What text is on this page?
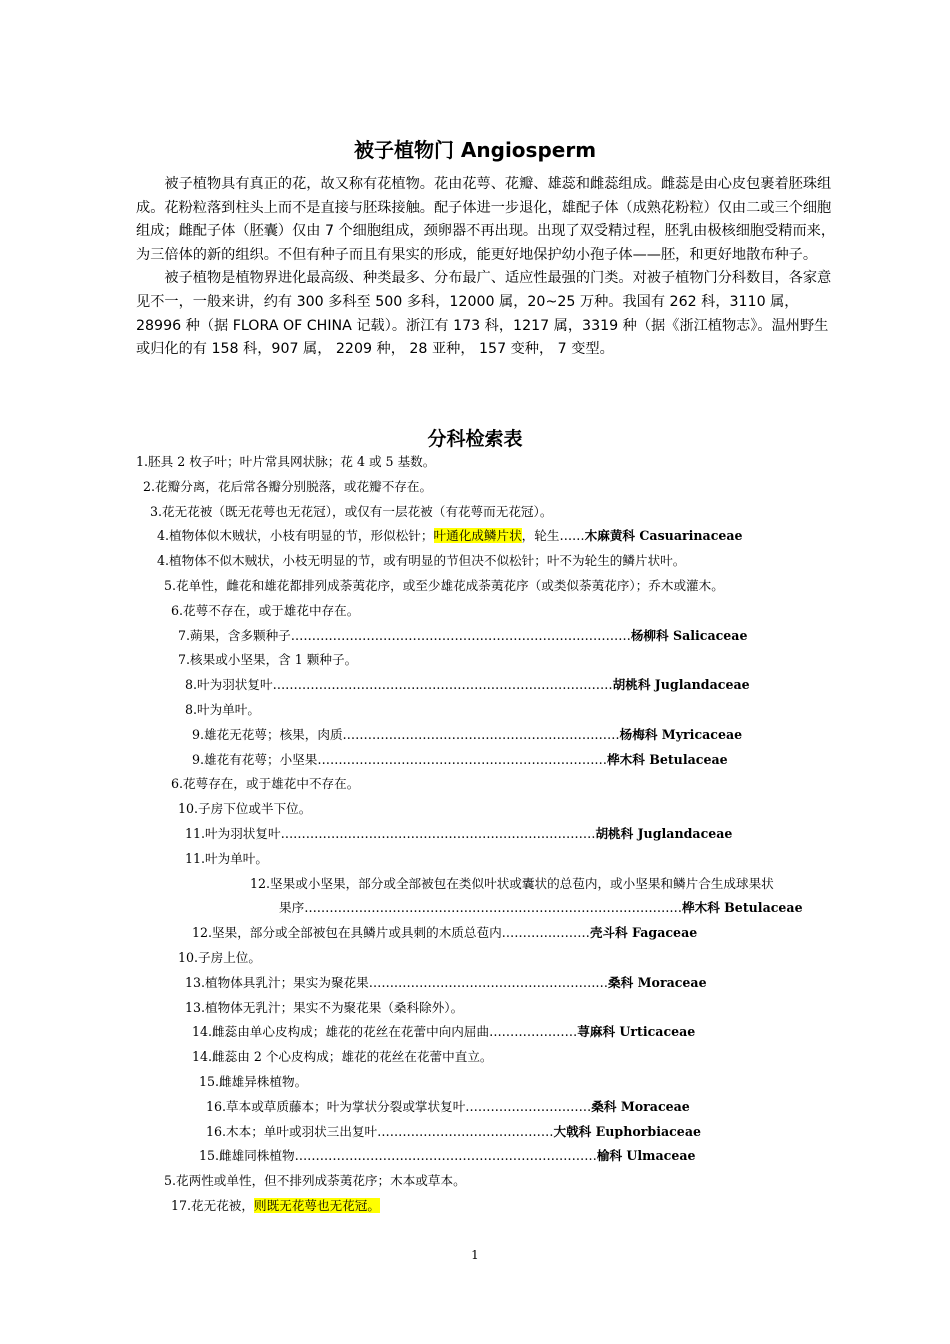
被子植物门 Angiosperm

被子植物具有真正的花，故又称有花植物。花由花萼、花瓣、雄蕊和雌蕊组成。雌蕊是由心皮包裹着胚珠组成。花粉粒落到柱头上而不是直接与胚珠接触。配子体进一步退化，雄配子体（成熟花粉粒）仅由二或三个细胞组成；雌配子体（胚囊）仅由 7 个细胞组成，颈卵器不再出现。出现了双受精过程，胚乳由极核细胞受精而来，为三倍体的新的组织。不但有种子而且有果实的形成，能更好地保护幼小孢子体——胚，和更好地散布种子。

被子植物是植物界进化最高级、种类最多、分布最广、适应性最强的门类。对被子植物门分科数目，各家意见不一，一般来讲，约有 300 多科至 500 多科，12000 属，20~25 万种。我国有 262 科，3110 属，28996 种（据 FLORA OF CHINA 记载）。浙江有 173 科，1217 属，3319 种（据《浙江植物志》。温州野生或归化的有 158 科，907 属， 2209 种， 28 亚种， 157 变种， 7 变型。

分科检索表
1.胚具 2 枚子叶；叶片常具网状脉；花 4 或 5 基数。
2.花瓣分离，花后常各瓣分别脱落，或花瓣不存在。
3.花无花被（既无花萼也无花冠），或仅有一层花被（有花萼而无花冠）。
4.植物体似木贼状，小枝有明显的节，形似松针；叶通化成鳞片状，轮生……木麻黄科 Casuarinaceae
4.植物体不似木贼状，小枝无明显的节，或有明显的节但决不似松针；叶不为轮生的鳞片状叶。
5.花单性，雌花和雄花都排列成荼荑花序，或至少雄花成荼荑花序（或类似荼荑花序）；乔木或灌木。
6.花萼不存在，或于雄花中存在。
7.蒴果，含多颗种子………………………………………………………………………杨柳科 Salicaceae
7.核果或小坚果，含 1 颗种子。
8.叶为羽状复叶………………………………………………………………………胡桃科 Juglandaceae
8.叶为单叶。
9.雄花无花萼；核果，肉质…………………………………………………………杨梅科 Myricaceae
9.雄花有花萼；小坚果……………………………………………………………桦木科 Betulaceae
6.花萼存在，或于雄花中不存在。
10.子房下位或半下位。
11.叶为羽状复叶…………………………………………………………………胡桃科 Juglandaceae
11.叶为单叶。
12.坚果或小坚果，部分或全部被包在类似叶状或囊状的总苞内，或小坚果和鳞片合生成球果状
果序………………………………………………………………………………桦木科 Betulaceae
12.坚果，部分或全部被包在具鳞片或具刺的木质总苞内…………………壳斗科 Fagaceae
10.子房上位。
13.植物体具乳汁；果实为聚花果…………………………………………………桑科 Moraceae
13.植物体无乳汁；果实不为聚花果（桑科除外）。
14.雌蕊由单心皮构成；雄花的花丝在花蕾中向内屈曲…………………荨麻科 Urticaceae
14.雌蕊由 2 个心皮构成；雄花的花丝在花蕾中直立。
15.雌雄异株植物。
16.草本或草质藤本；叶为掌状分裂或掌状复叶…………………………桑科 Moraceae
16.木本；单叶或羽状三出复叶……………………………………大戟科 Euphorbiaceae
15.雌雄同株植物………………………………………………………………榆科 Ulmaceae
5.花两性或单性，但不排列成荼荑花序；木本或草本。
17.花无花被，则既无花萼也无花冠。
1
